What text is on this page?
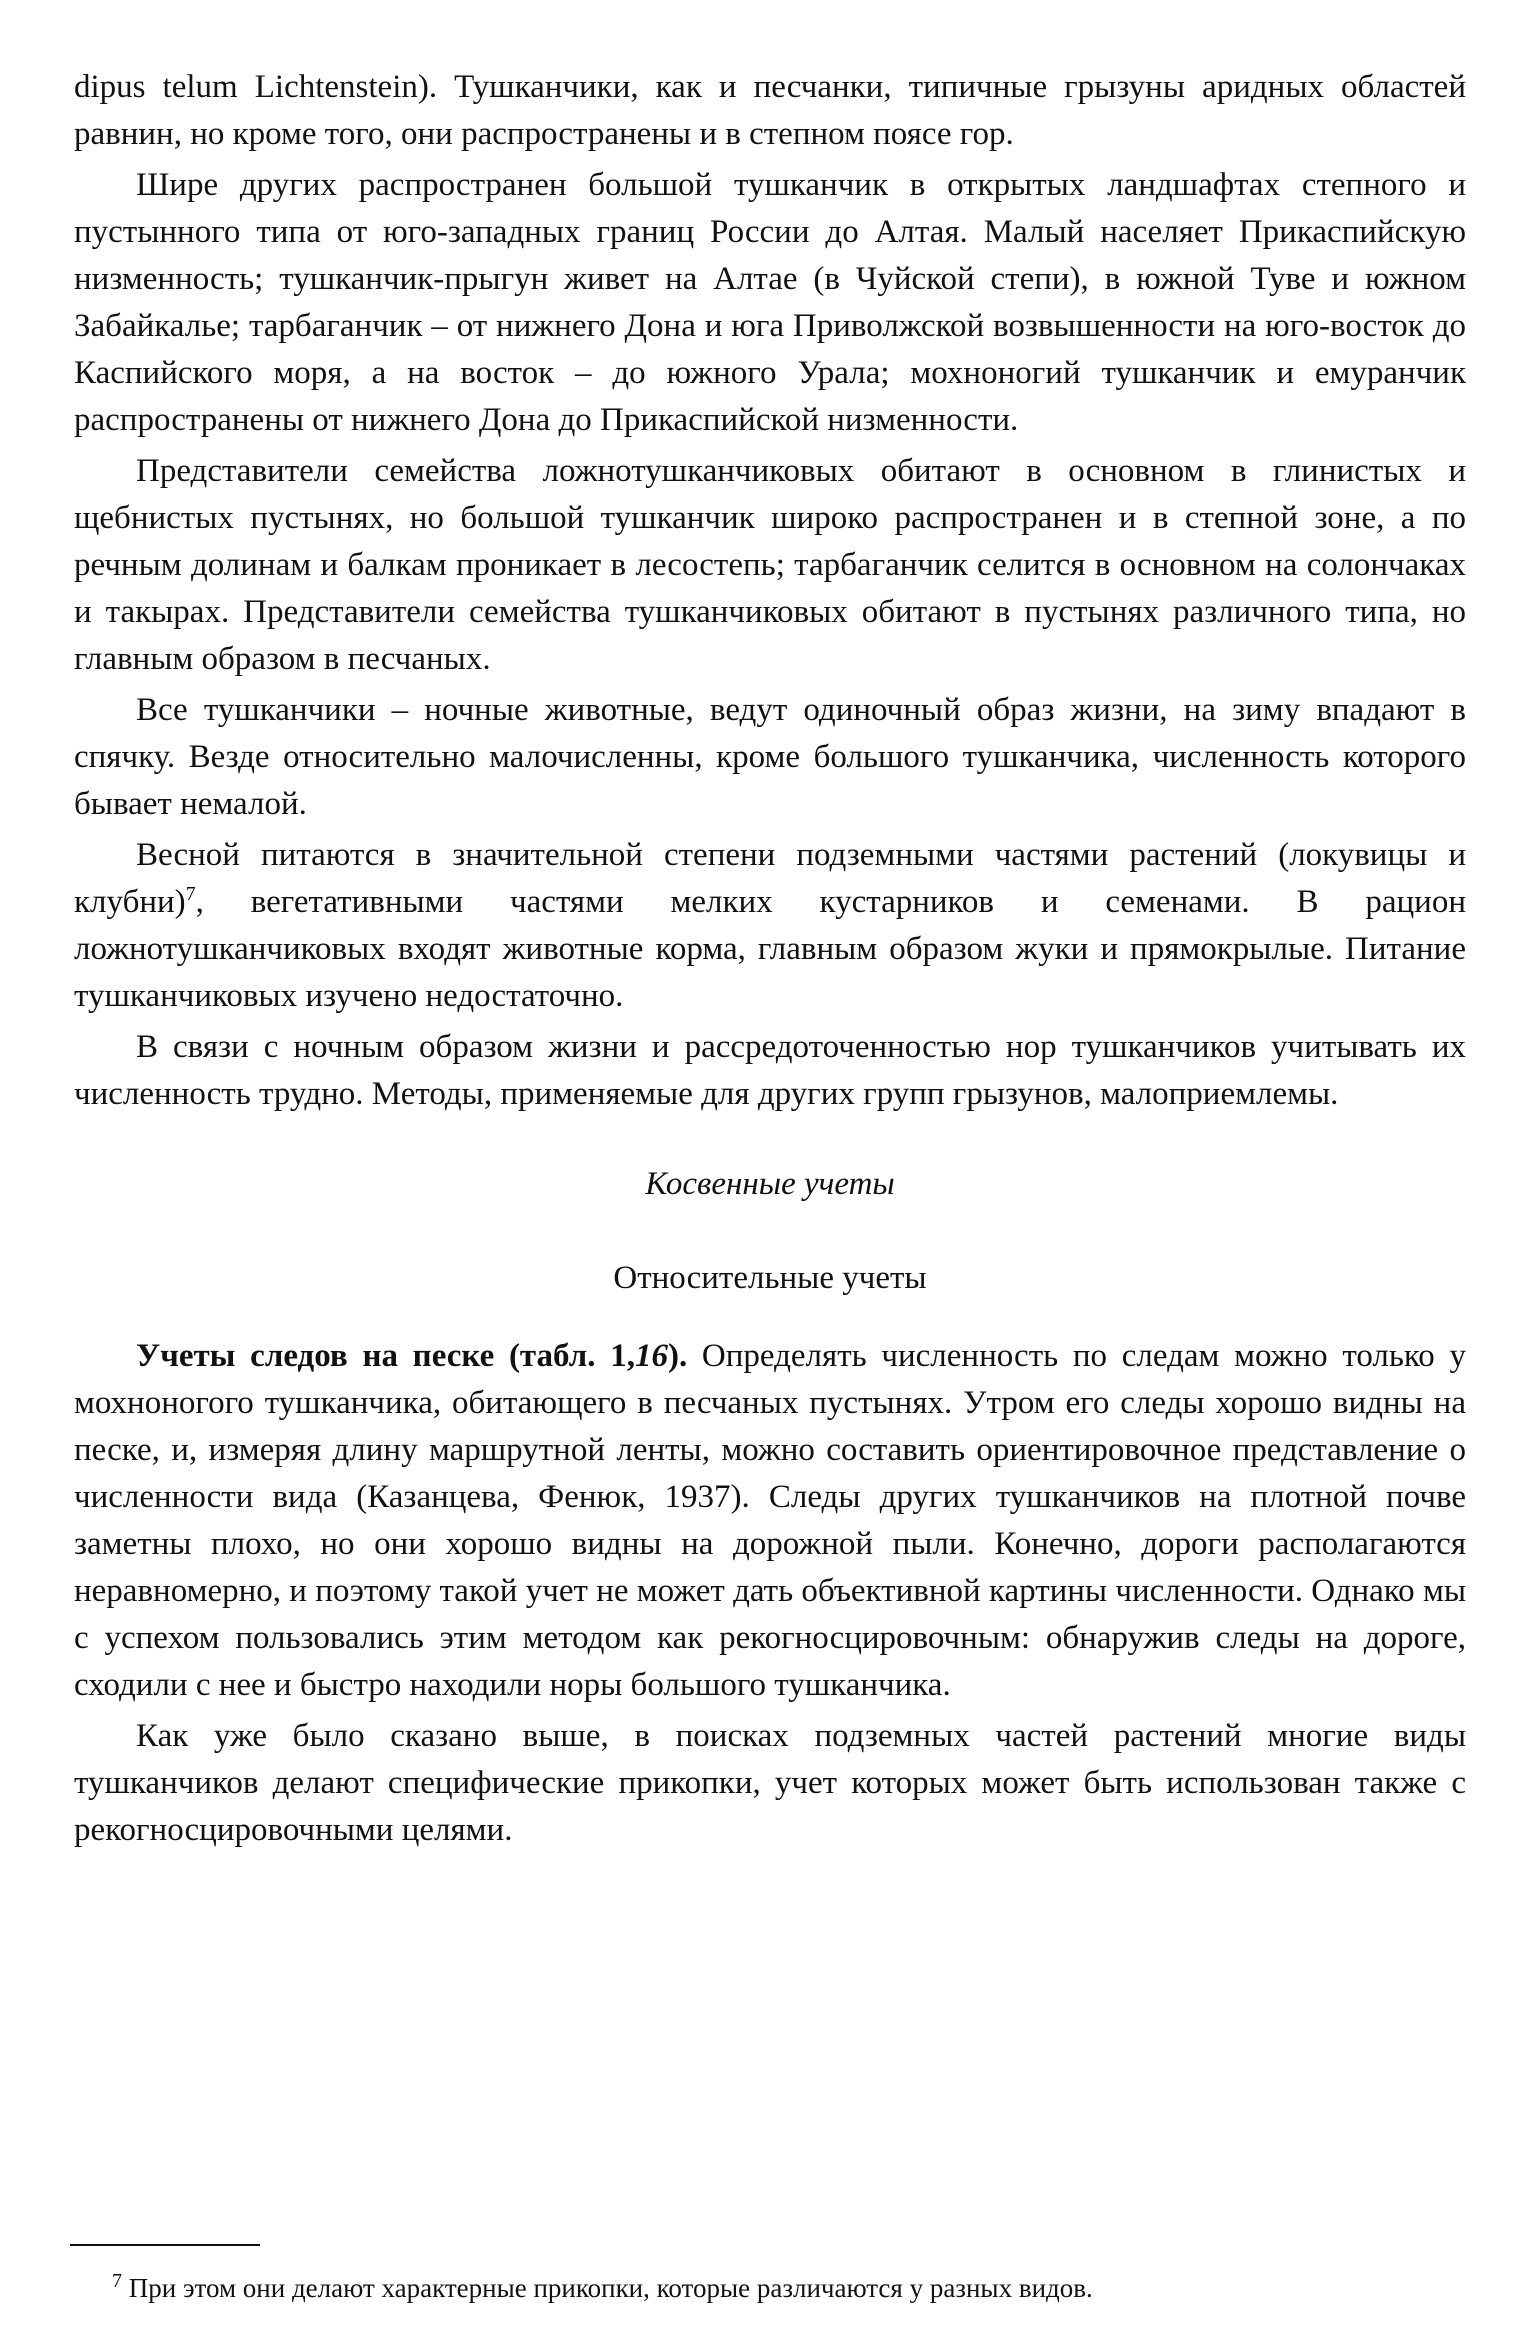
dipus telum Lichtenstein). Тушканчики, как и песчанки, типичные грызуны аридных областей равнин, но кроме того, они распространены и в степном поясе гор.

Шире других распространен большой тушканчик в открытых ландшафтах степного и пустынного типа от юго-западных границ России до Алтая. Малый населяет Прикаспийскую низменность; тушканчик-прыгун живет на Алтае (в Чуйской степи), в южной Туве и южном Забайкалье; тарбаганчик – от нижнего Дона и юга Приволжской возвышенности на юго-восток до Каспийского моря, а на восток – до южного Урала; мохноногий тушканчик и емуранчик распространены от нижнего Дона до Прикаспийской низменности.

Представители семейства ложнотушканчиковых обитают в основном в глинистых и щебнистых пустынях, но большой тушканчик широко распространен и в степной зоне, а по речным долинам и балкам проникает в лесостепь; тарбаганчик селится в основном на солончаках и такырах. Представители семейства тушканчиковых обитают в пустынях различного типа, но главным образом в песчаных.

Все тушканчики – ночные животные, ведут одиночный образ жизни, на зиму впадают в спячку. Везде относительно малочисленны, кроме большого тушканчика, численность которого бывает немалой.

Весной питаются в значительной степени подземными частями растений (локувицы и клубни)$^7$, вегетативными частями мелких кустарников и семенами. В рацион ложнотушканчиковых входят животные корма, главным образом жуки и прямокрылые. Питание тушканчиковых изучено недостаточно.

В связи с ночным образом жизни и рассредоточенностью нор тушканчиков учитывать их численность трудно. Методы, применяемые для других групп грызунов, малоприемлемы.

Косвенные учеты
Относительные учеты

Учеты следов на песке (табл. 1,16). Определять численность по следам можно только у мохноногого тушканчика, обитающего в песчаных пустынях. Утром его следы хорошо видны на песке, и, измеряя длину маршрутной ленты, можно составить ориентировочное представление о численности вида (Казанцева, Фенюк, 1937). Следы других тушканчиков на плотной почве заметны плохо, но они хорошо видны на дорожной пыли. Конечно, дороги располагаются неравномерно, и поэтому такой учет не может дать объективной картины численности. Однако мы с успехом пользовались этим методом как рекогносцировочным: обнаружив следы на дороге, сходили с нее и быстро находили норы большого тушканчика.

Как уже было сказано выше, в поисках подземных частей растений многие виды тушканчиков делают специфические прикопки, учет которых может быть использован также с рекогносцировочными целями.

$^7$ При этом они делают характерные прикопки, которые различаются у разных видов.
